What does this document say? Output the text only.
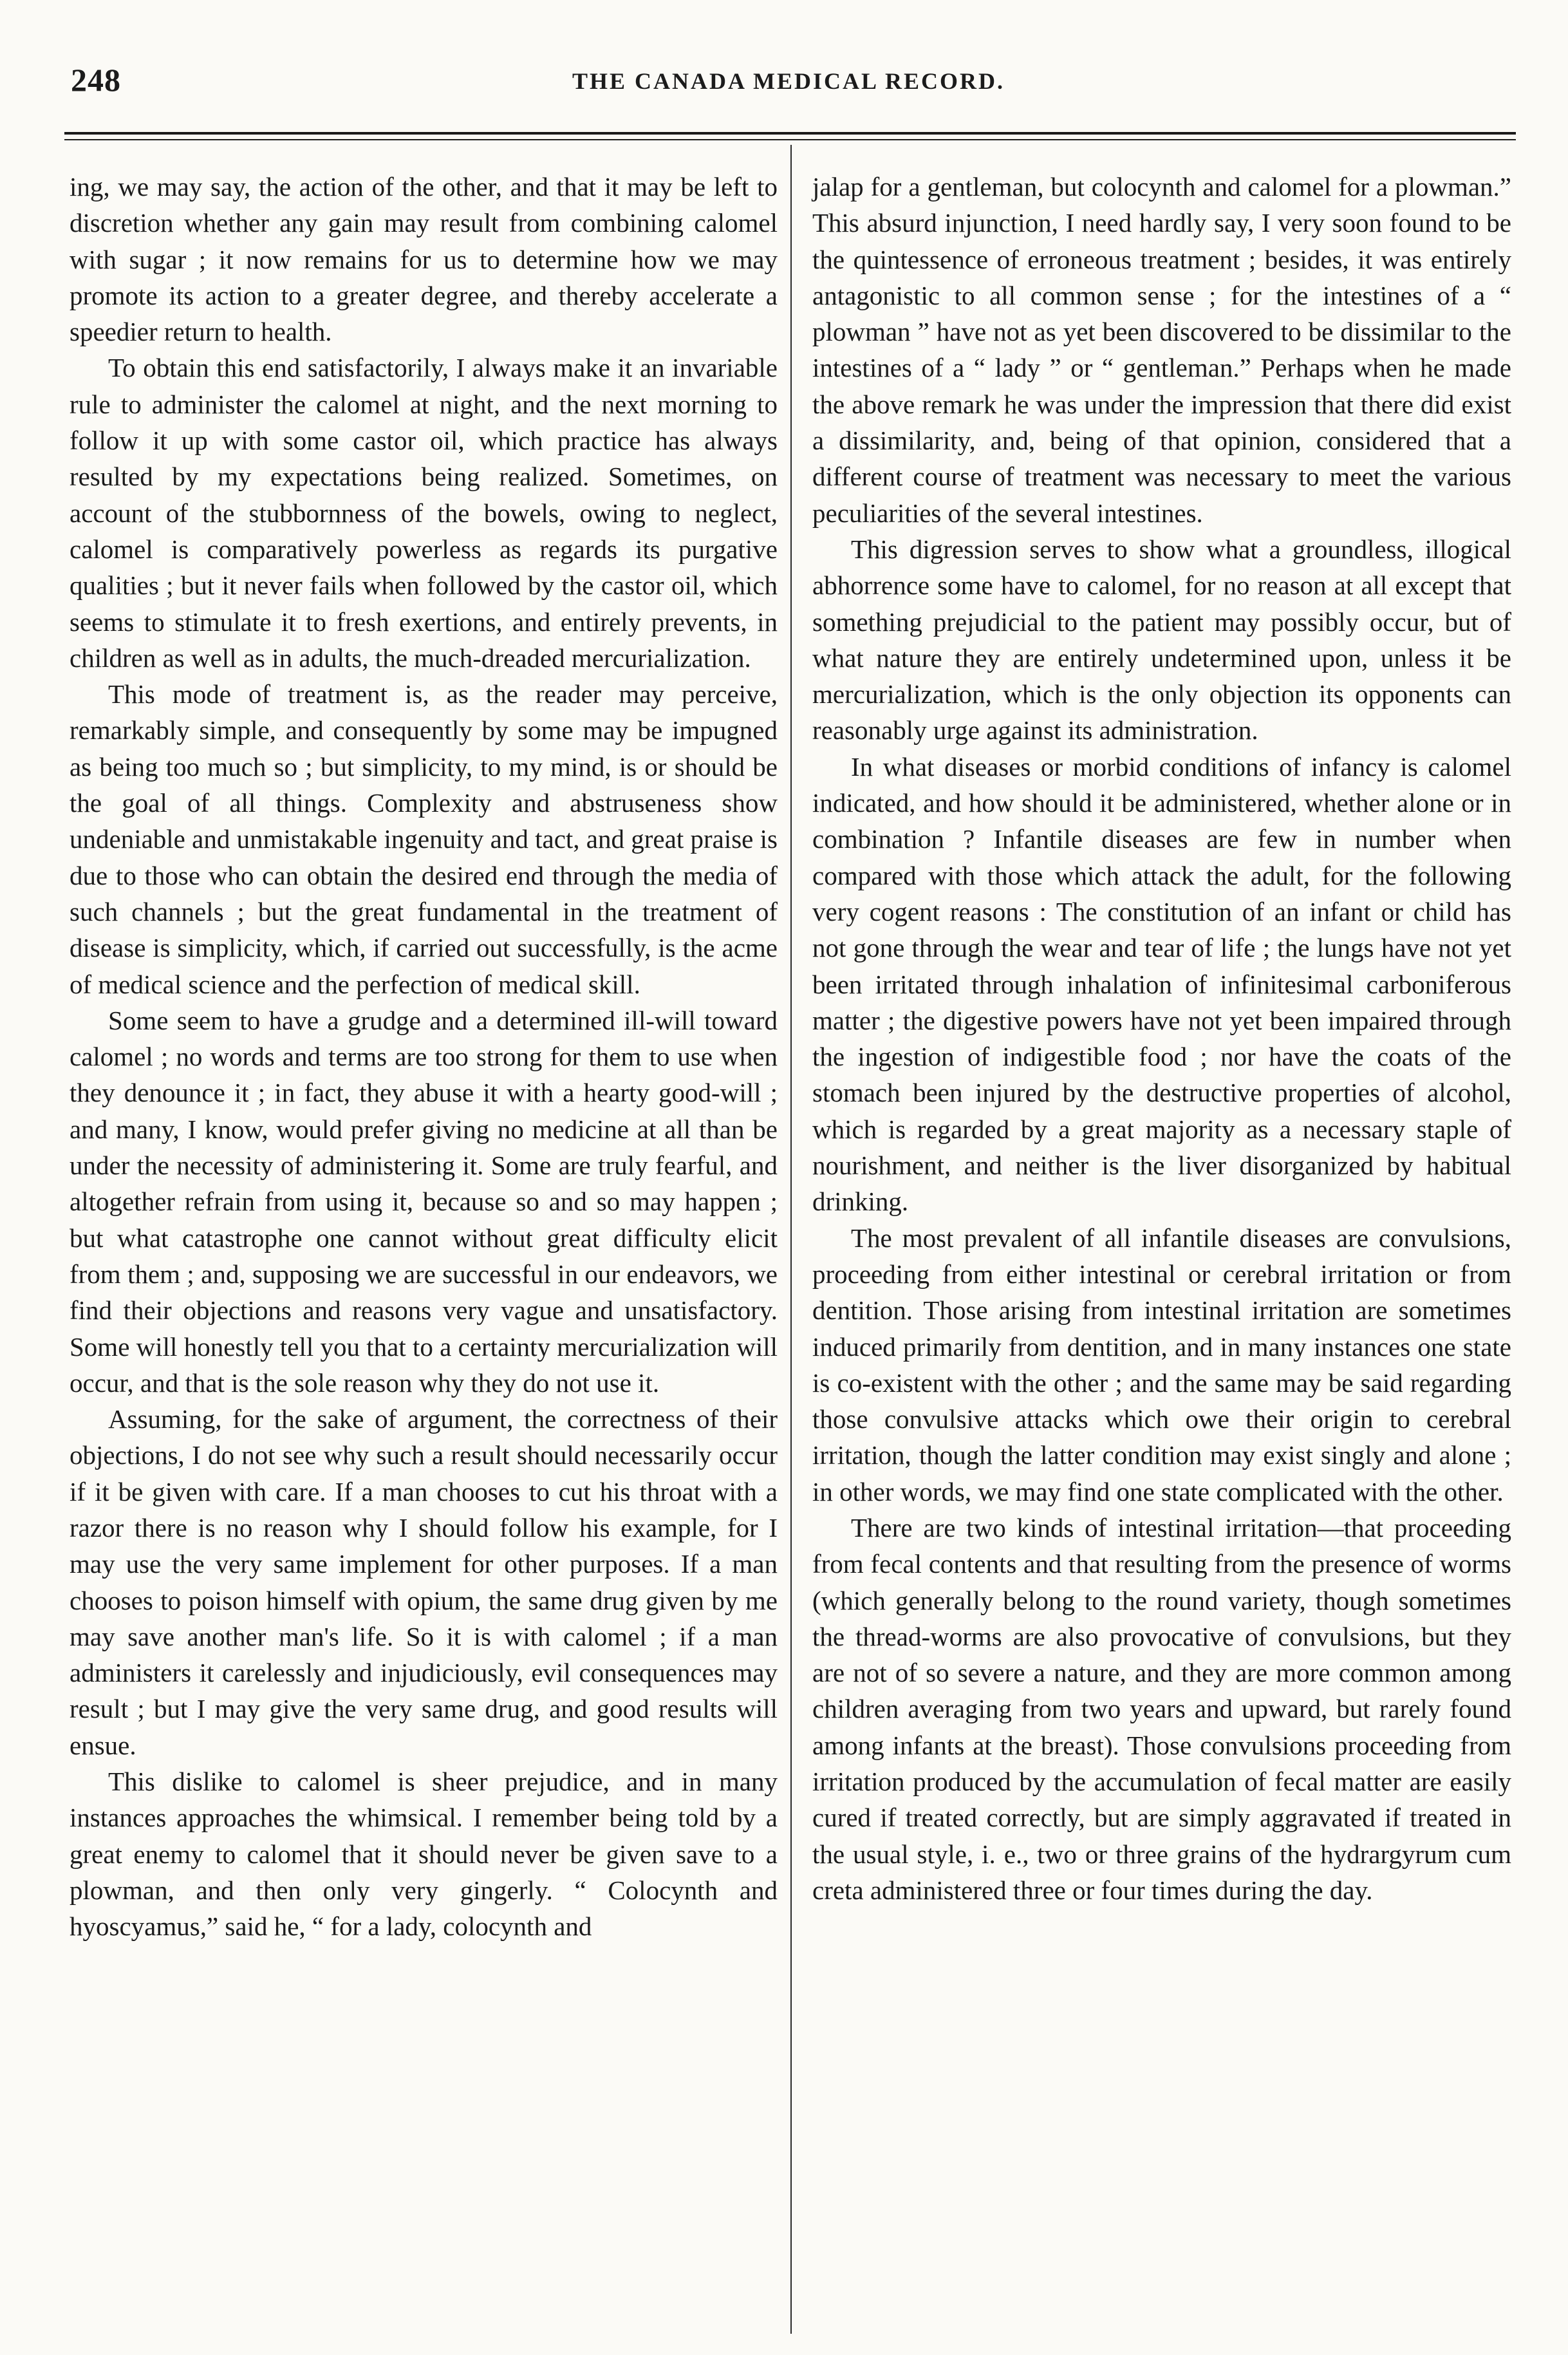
248	THE CANADA MEDICAL RECORD.

ing, we may say, the action of the other, and that it may be left to discretion whether any gain may result from combining calomel with sugar ; it now remains for us to determine how we may promote its action to a greater degree, and thereby accelerate a speedier return to health.

To obtain this end satisfactorily, I always make it an invariable rule to administer the calomel at night, and the next morning to follow it up with some castor oil, which practice has always resulted by my expectations being realized. Sometimes, on account of the stubbornness of the bowels, owing to neglect, calomel is comparatively powerless as regards its purgative qualities ; but it never fails when followed by the castor oil, which seems to stimulate it to fresh exertions, and entirely prevents, in children as well as in adults, the much-dreaded mercurialization.

This mode of treatment is, as the reader may perceive, remarkably simple, and consequently by some may be impugned as being too much so ; but simplicity, to my mind, is or should be the goal of all things. Complexity and abstruseness show undeniable and unmistakable ingenuity and tact, and great praise is due to those who can obtain the desired end through the media of such channels ; but the great fundamental in the treatment of disease is simplicity, which, if carried out successfully, is the acme of medical science and the perfection of medical skill.

Some seem to have a grudge and a determined ill-will toward calomel ; no words and terms are too strong for them to use when they denounce it ; in fact, they abuse it with a hearty good-will ; and many, I know, would prefer giving no medicine at all than be under the necessity of administering it. Some are truly fearful, and altogether refrain from using it, because so and so may happen ; but what catastrophe one cannot without great difficulty elicit from them ; and, supposing we are successful in our endeavors, we find their objections and reasons very vague and unsatisfactory. Some will honestly tell you that to a certainty mercurialization will occur, and that is the sole reason why they do not use it.

Assuming, for the sake of argument, the correctness of their objections, I do not see why such a result should necessarily occur if it be given with care. If a man chooses to cut his throat with a razor there is no reason why I should follow his example, for I may use the very same implement for other purposes. If a man chooses to poison himself with opium, the same drug given by me may save another man's life. So it is with calomel ; if a man administers it carelessly and injudiciously, evil consequences may result ; but I may give the very same drug, and good results will ensue.

This dislike to calomel is sheer prejudice, and in many instances approaches the whimsical. I remember being told by a great enemy to calomel that it should never be given save to a plowman, and then only very gingerly. “ Colocynth and hyoscyamus,” said he, “ for a lady, colocynth and

jalap for a gentleman, but colocynth and calomel for a plowman.” This absurd injunction, I need hardly say, I very soon found to be the quintessence of erroneous treatment ; besides, it was entirely antagonistic to all common sense ; for the intestines of a “ plowman ” have not as yet been discovered to be dissimilar to the intestines of a “ lady ” or “ gentleman.” Perhaps when he made the above remark he was under the impression that there did exist a dissimilarity, and, being of that opinion, considered that a different course of treatment was necessary to meet the various peculiarities of the several intestines.

This digression serves to show what a groundless, illogical abhorrence some have to calomel, for no reason at all except that something prejudicial to the patient may possibly occur, but of what nature they are entirely undetermined upon, unless it be mercurialization, which is the only objection its opponents can reasonably urge against its administration.

In what diseases or morbid conditions of infancy is calomel indicated, and how should it be administered, whether alone or in combination ? Infantile diseases are few in number when compared with those which attack the adult, for the following very cogent reasons : The constitution of an infant or child has not gone through the wear and tear of life ; the lungs have not yet been irritated through inhalation of infinitesimal carboniferous matter ; the digestive powers have not yet been impaired through the ingestion of indigestible food ; nor have the coats of the stomach been injured by the destructive properties of alcohol, which is regarded by a great majority as a necessary staple of nourishment, and neither is the liver disorganized by habitual drinking.

The most prevalent of all infantile diseases are convulsions, proceeding from either intestinal or cerebral irritation or from dentition. Those arising from intestinal irritation are sometimes induced primarily from dentition, and in many instances one state is co-existent with the other ; and the same may be said regarding those convulsive attacks which owe their origin to cerebral irritation, though the latter condition may exist singly and alone ; in other words, we may find one state complicated with the other.

There are two kinds of intestinal irritation—that proceeding from fecal contents and that resulting from the presence of worms (which generally belong to the round variety, though sometimes the thread-worms are also provocative of convulsions, but they are not of so severe a nature, and they are more common among children averaging from two years and upward, but rarely found among infants at the breast). Those convulsions proceeding from irritation produced by the accumulation of fecal matter are easily cured if treated correctly, but are simply aggravated if treated in the usual style, i. e., two or three grains of the hydrargyrum cum creta administered three or four times during the day.
